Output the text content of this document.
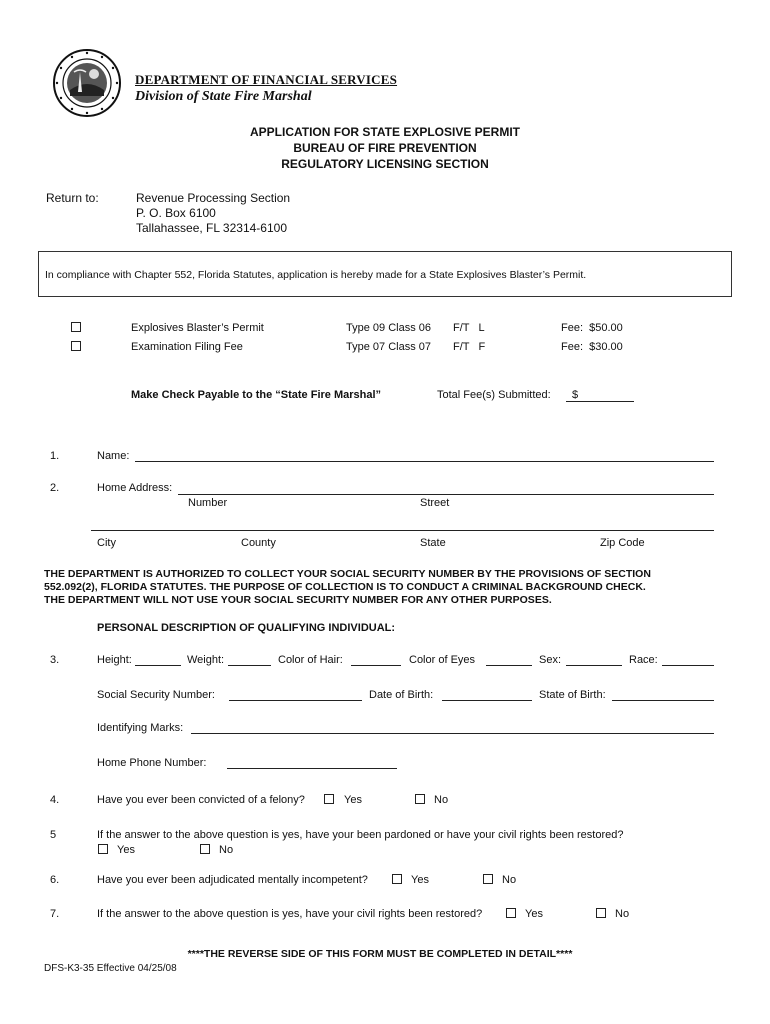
DEPARTMENT OF FINANCIAL SERVICES
Division of State Fire Marshal
APPLICATION FOR STATE EXPLOSIVE PERMIT
BUREAU OF FIRE PREVENTION
REGULATORY LICENSING SECTION
Return to:	Revenue Processing Section
P. O. Box 6100
Tallahassee, FL 32314-6100
In compliance with Chapter 552, Florida Statutes, application is hereby made for a State Explosives Blaster’s Permit.
Explosives Blaster’s Permit	Type 09 Class 06 F/T   L	Fee:  $50.00
Examination Filing Fee	Type 07 Class 07 F/T   F	Fee:  $30.00
Make Check Payable to the “State Fire Marshal”	Total Fee(s) Submitted: $
1.	Name:
2.	Home Address:
Number	Street
City	County	State	Zip Code
THE DEPARTMENT IS AUTHORIZED TO COLLECT YOUR SOCIAL SECURITY NUMBER BY THE PROVISIONS OF SECTION
552.092(2), FLORIDA STATUTES. THE PURPOSE OF COLLECTION IS TO CONDUCT A CRIMINAL BACKGROUND CHECK.
THE DEPARTMENT WILL NOT USE YOUR SOCIAL SECURITY NUMBER FOR ANY OTHER PURPOSES.
PERSONAL DESCRIPTION OF QUALIFYING INDIVIDUAL:
3.	Height:	Weight:	Color of Hair:	Color of Eyes	Sex:	Race:
Social Security Number:	Date of Birth:	State of Birth:
Identifying Marks:
Home Phone Number:
4.	Have you ever been convicted of a felony?	Yes	No
5	If the answer to the above question is yes, have your been pardoned or have your civil rights been restored?
Yes	No
6.	Have you ever been adjudicated mentally incompetent?	Yes	No
7.	If the answer to the above question is yes, have your civil rights been restored?	Yes	No
****THE REVERSE SIDE OF THIS FORM MUST BE COMPLETED IN DETAIL****
DFS-K3-35 Effective 04/25/08
